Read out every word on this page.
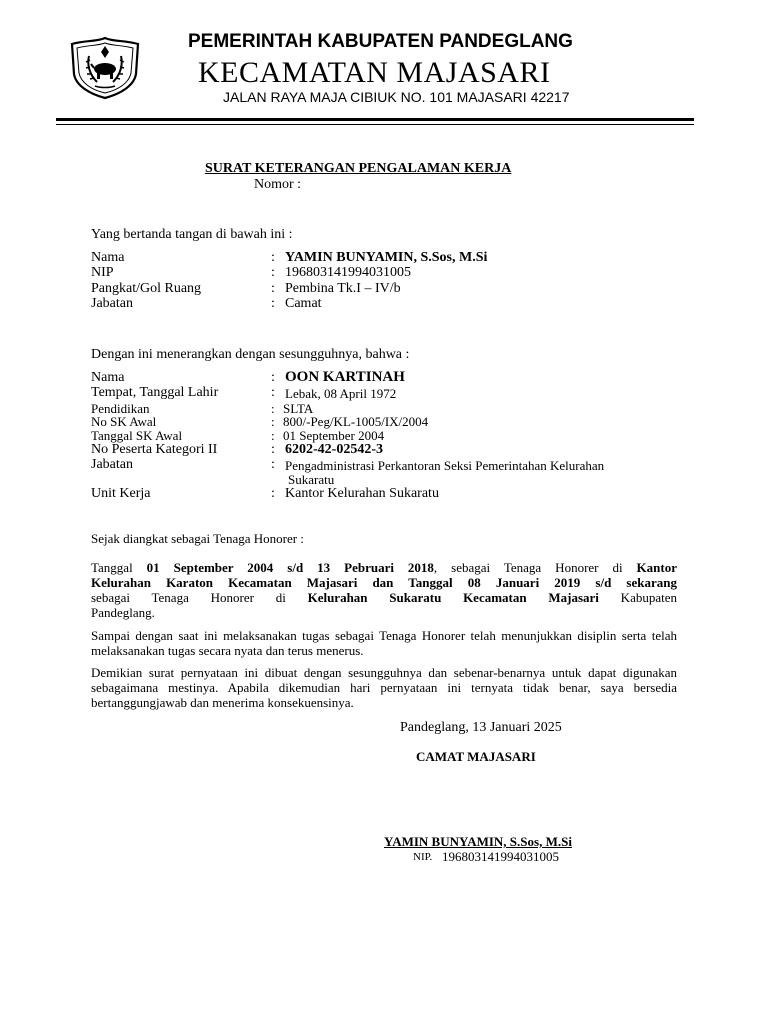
PEMERINTAH KABUPATEN PANDEGLANG
KECAMATAN MAJASARI
JALAN RAYA MAJA CIBIUK NO. 101 MAJASARI 42217
SURAT KETERANGAN PENGALAMAN KERJA
Nomor :
Yang bertanda tangan di bawah ini :
Nama	: YAMIN BUNYAMIN, S.Sos, M.Si
NIP	: 196803141994031005
Pangkat/Gol Ruang	: Pembina Tk.I – IV/b
Jabatan	: Camat
Dengan ini menerangkan dengan sesungguhnya, bahwa :
Nama	: OON KARTINAH
Tempat, Tanggal Lahir	: Lebak, 08 April 1972
Pendidikan	: SLTA
No SK Awal	: 800/-Peg/KL-1005/IX/2004
Tanggal SK Awal	: 01 September 2004
No Peserta Kategori II	: 6202-42-02542-3
Jabatan	: Pengadministrasi Perkantoran Seksi Pemerintahan Kelurahan
Sukaratu
Unit Kerja	: Kantor Kelurahan Sukaratu
Sejak diangkat sebagai Tenaga Honorer :
Tanggal 01 September 2004 s/d 13 Pebruari 2018, sebagai Tenaga Honorer di Kantor
Kelurahan Karaton Kecamatan Majasari dan Tanggal 08 Januari 2019 s/d sekarang
sebagai Tenaga Honorer di Kelurahan Sukaratu Kecamatan Majasari Kabupaten
Pandeglang.
Sampai dengan saat ini melaksanakan tugas sebagai Tenaga Honorer telah menunjukkan disiplin serta telah melaksanakan tugas secara nyata dan terus menerus.
Demikian surat pernyataan ini dibuat dengan sesungguhnya dan sebenar-benarnya untuk dapat digunakan sebagaimana mestinya. Apabila dikemudian hari pernyataan ini ternyata tidak benar, saya bersedia bertanggungjawab dan menerima konsekuensinya.
Pandeglang, 13 Januari 2025
CAMAT MAJASARI
YAMIN BUNYAMIN, S.Sos, M.Si
NIP. 196803141994031005
